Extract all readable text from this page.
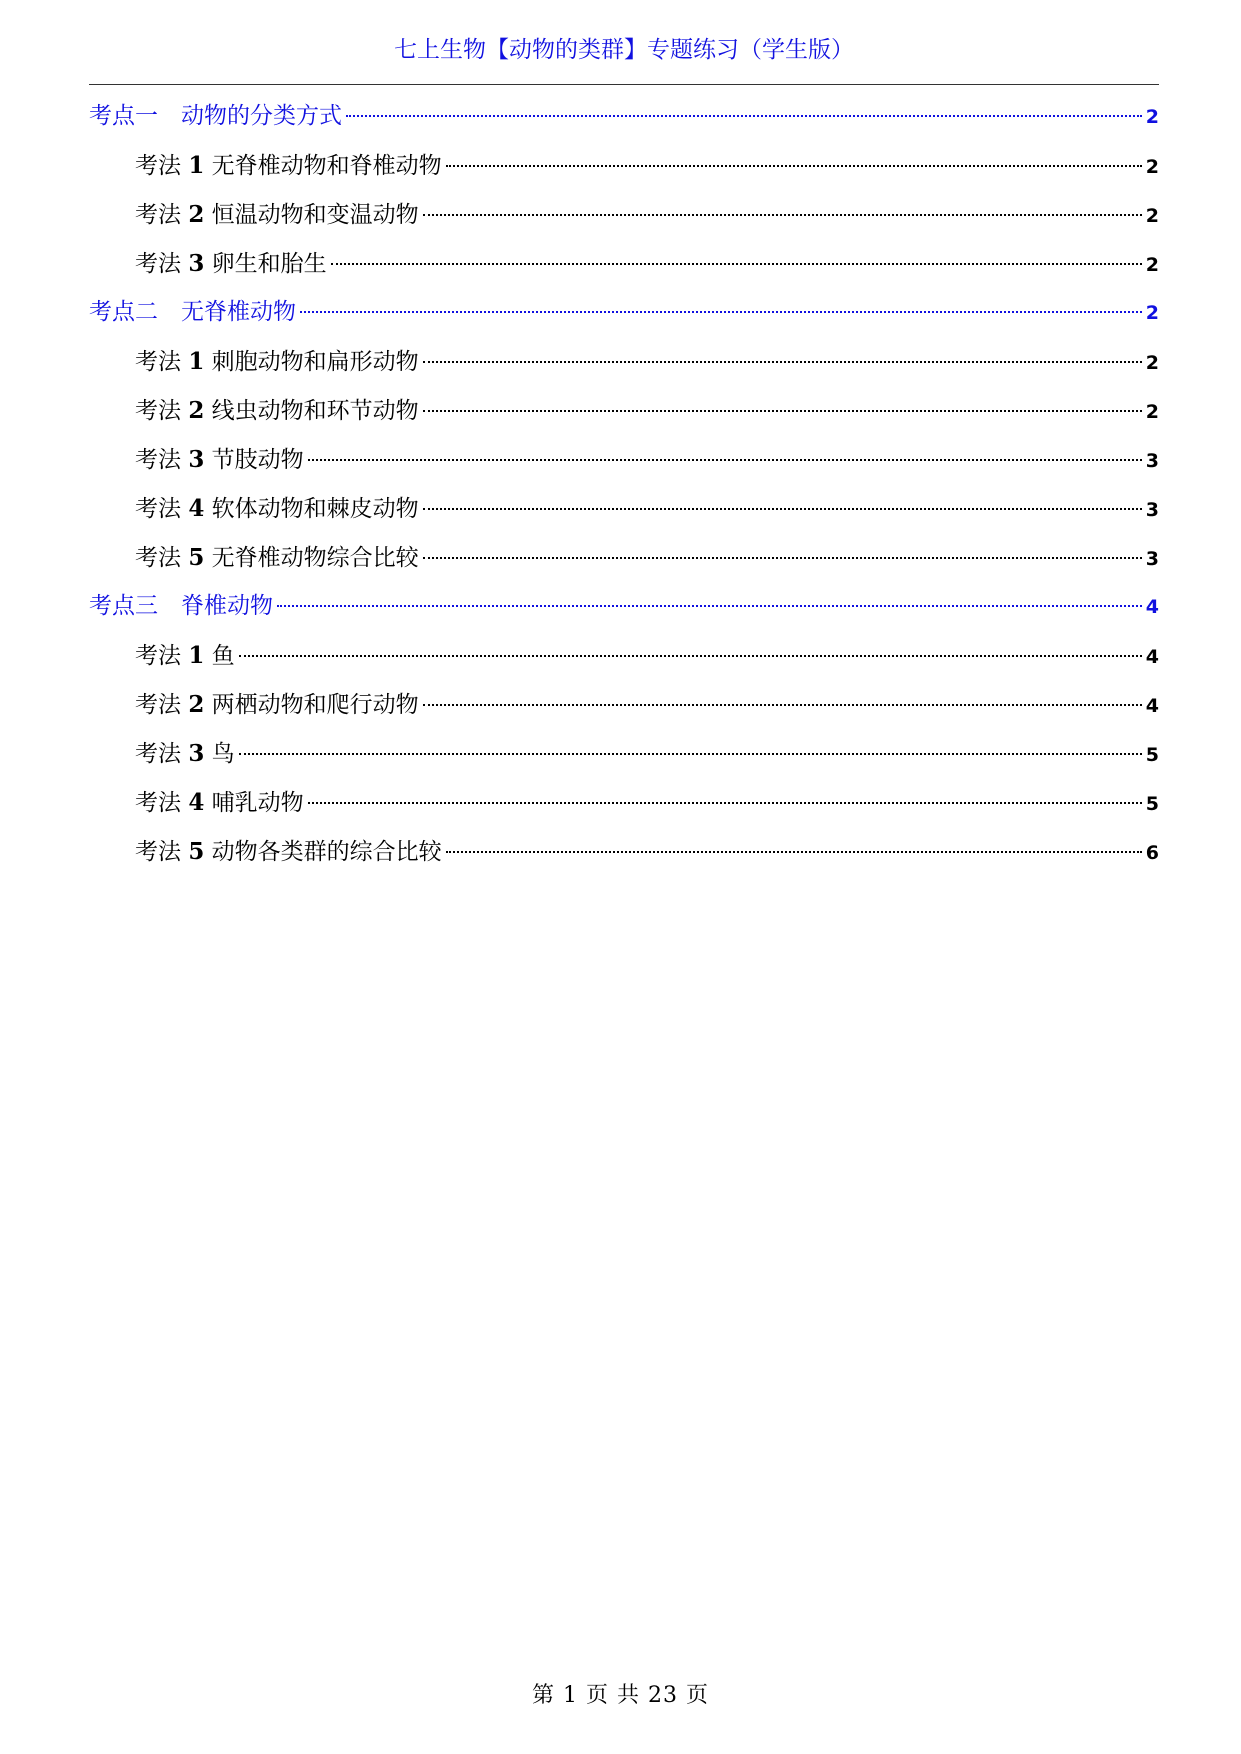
七上生物【动物的类群】专题练习（学生版）
考点一　 动物的分类方式	2
考法 1 无脊椎动物和脊椎动物	2
考法 2 恒温动物和变温动物	2
考法 3 卵生和胎生	2
考点二　 无脊椎动物	2
考法 1 刺胞动物和扁形动物	2
考法 2 线虫动物和环节动物	2
考法 3 节肢动物	3
考法 4 软体动物和棘皮动物	3
考法 5 无脊椎动物综合比较	3
考点三　 脊椎动物	4
考法 1 鱼	4
考法 2 两栖动物和爬行动物	4
考法 3 鸟	5
考法 4 哺乳动物	5
考法 5 动物各类群的综合比较	6
第 1 页 共 23 页
